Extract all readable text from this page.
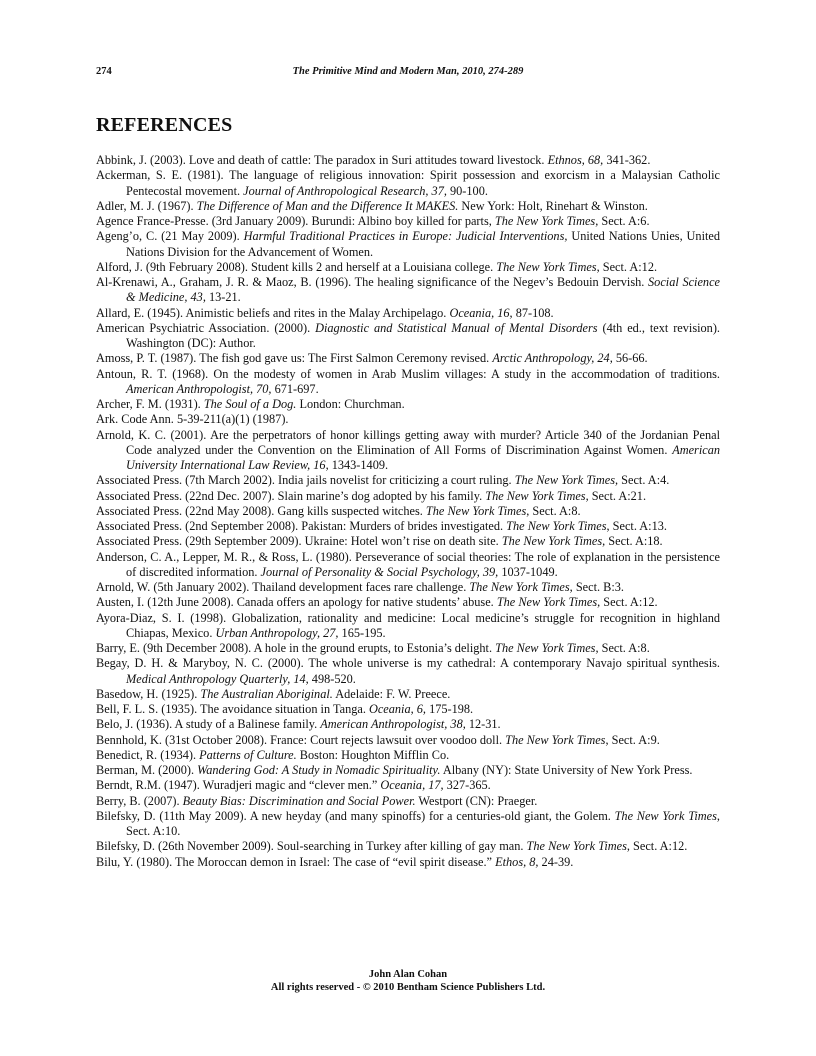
274	The Primitive Mind and Modern Man, 2010, 274-289
REFERENCES
Abbink, J. (2003). Love and death of cattle: The paradox in Suri attitudes toward livestock. Ethnos, 68, 341-362.
Ackerman, S. E. (1981). The language of religious innovation: Spirit possession and exorcism in a Malaysian Catholic Pentecostal movement. Journal of Anthropological Research, 37, 90-100.
Adler, M. J. (1967). The Difference of Man and the Difference It MAKES. New York: Holt, Rinehart & Winston.
Agence France-Presse. (3rd January 2009). Burundi: Albino boy killed for parts, The New York Times, Sect. A:6.
Ageng’o, C. (21 May 2009). Harmful Traditional Practices in Europe: Judicial Interventions, United Nations Unies, United Nations Division for the Advancement of Women.
Alford, J. (9th February 2008). Student kills 2 and herself at a Louisiana college. The New York Times, Sect. A:12.
Al-Krenawi, A., Graham, J. R. & Maoz, B. (1996). The healing significance of the Negev’s Bedouin Dervish. Social Science & Medicine, 43, 13-21.
Allard, E. (1945). Animistic beliefs and rites in the Malay Archipelago. Oceania, 16, 87-108.
American Psychiatric Association. (2000). Diagnostic and Statistical Manual of Mental Disorders (4th ed., text revision). Washington (DC): Author.
Amoss, P. T. (1987). The fish god gave us: The First Salmon Ceremony revised. Arctic Anthropology, 24, 56-66.
Antoun, R. T. (1968). On the modesty of women in Arab Muslim villages: A study in the accommodation of traditions. American Anthropologist, 70, 671-697.
Archer, F. M. (1931). The Soul of a Dog. London: Churchman.
Ark. Code Ann. 5-39-211(a)(1) (1987).
Arnold, K. C. (2001). Are the perpetrators of honor killings getting away with murder? Article 340 of the Jordanian Penal Code analyzed under the Convention on the Elimination of All Forms of Discrimination Against Women. American University International Law Review, 16, 1343-1409.
Associated Press. (7th March 2002). India jails novelist for criticizing a court ruling. The New York Times, Sect. A:4.
Associated Press. (22nd Dec. 2007). Slain marine’s dog adopted by his family. The New York Times, Sect. A:21.
Associated Press. (22nd May 2008). Gang kills suspected witches. The New York Times, Sect. A:8.
Associated Press. (2nd September 2008). Pakistan: Murders of brides investigated. The New York Times, Sect. A:13.
Associated Press. (29th September 2009). Ukraine: Hotel won’t rise on death site. The New York Times, Sect. A:18.
Anderson, C. A., Lepper, M. R., & Ross, L. (1980). Perseverance of social theories: The role of explanation in the persistence of discredited information. Journal of Personality & Social Psychology, 39, 1037-1049.
Arnold, W. (5th January 2002). Thailand development faces rare challenge. The New York Times, Sect. B:3.
Austen, I. (12th June 2008). Canada offers an apology for native students’ abuse. The New York Times, Sect. A:12.
Ayora-Diaz, S. I. (1998). Globalization, rationality and medicine: Local medicine’s struggle for recognition in highland Chiapas, Mexico. Urban Anthropology, 27, 165-195.
Barry, E. (9th December 2008). A hole in the ground erupts, to Estonia’s delight. The New York Times, Sect. A:8.
Begay, D. H. & Maryboy, N. C. (2000). The whole universe is my cathedral: A contemporary Navajo spiritual synthesis. Medical Anthropology Quarterly, 14, 498-520.
Basedow, H. (1925). The Australian Aboriginal. Adelaide: F. W. Preece.
Bell, F. L. S. (1935). The avoidance situation in Tanga. Oceania, 6, 175-198.
Belo, J. (1936). A study of a Balinese family. American Anthropologist, 38, 12-31.
Bennhold, K. (31st October 2008). France: Court rejects lawsuit over voodoo doll. The New York Times, Sect. A:9.
Benedict, R. (1934). Patterns of Culture. Boston: Houghton Mifflin Co.
Berman, M. (2000). Wandering God: A Study in Nomadic Spirituality. Albany (NY): State University of New York Press.
Berndt, R.M. (1947). Wuradjeri magic and “clever men.” Oceania, 17, 327-365.
Berry, B. (2007). Beauty Bias: Discrimination and Social Power. Westport (CN): Praeger.
Bilefsky, D. (11th May 2009). A new heyday (and many spinoffs) for a centuries-old giant, the Golem. The New York Times, Sect. A:10.
Bilefsky, D. (26th November 2009). Soul-searching in Turkey after killing of gay man. The New York Times, Sect. A:12.
Bilu, Y. (1980). The Moroccan demon in Israel: The case of “evil spirit disease.” Ethos, 8, 24-39.
John Alan Cohan
All rights reserved - © 2010 Bentham Science Publishers Ltd.
